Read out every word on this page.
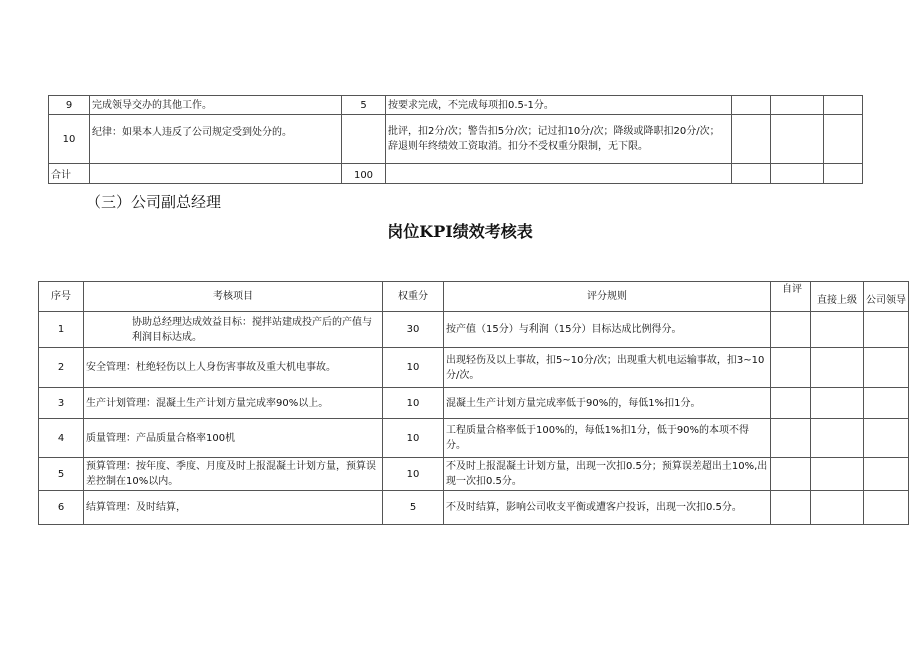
9	完成领导交办的其他工作。	5	按要求完成，不完成每项扣0.5-1分。			
10	纪律：如果本人违反了公司规定受到处分的。		批评，扣2分/次；警告扣5分/次；记过扣10分/次；降级或降职扣20分/次；辞退则年终绩效工资取消。扣分不受权重分限制，无下限。			
合计		100				
（三）公司副总经理
岗位KPI绩效考核表
序号	考核项目	权重分	评分规则	自评	直接上级	公司领导
1	协助总经理达成效益目标：搅拌站建成投产后的产值与利润目标达成。	30	按产值（15分）与利润（15分）目标达成比例得分。			
2	安全管理：杜绝轻伤以上人身伤害事故及重大机电事故。	10	出现轻伤及以上事故，扣5~10分/次；出现重大机电运输事故，扣3~10分/次。			
3	生产计划管理：混凝土生产计划方量完成率90%以上。	10	混凝土生产计划方量完成率低于90%的，每低1%扣1分。			
4	质量管理：产品质量合格率100机	10	工程质量合格率低于100%的，每低1%扣1分，低于90%的本项不得分。			
5	预算管理：按年度、季度、月度及时上报混凝土计划方量，预算误差控制在10%以内。	10	不及时上报混凝土计划方量，出现一次扣0.5分；预算误差超出土10%,出现一次扣0.5分。			
6	结算管理：及时结算，	5	不及时结算，影响公司收支平衡或遭客户投诉，出现一次扣0.5分。			
